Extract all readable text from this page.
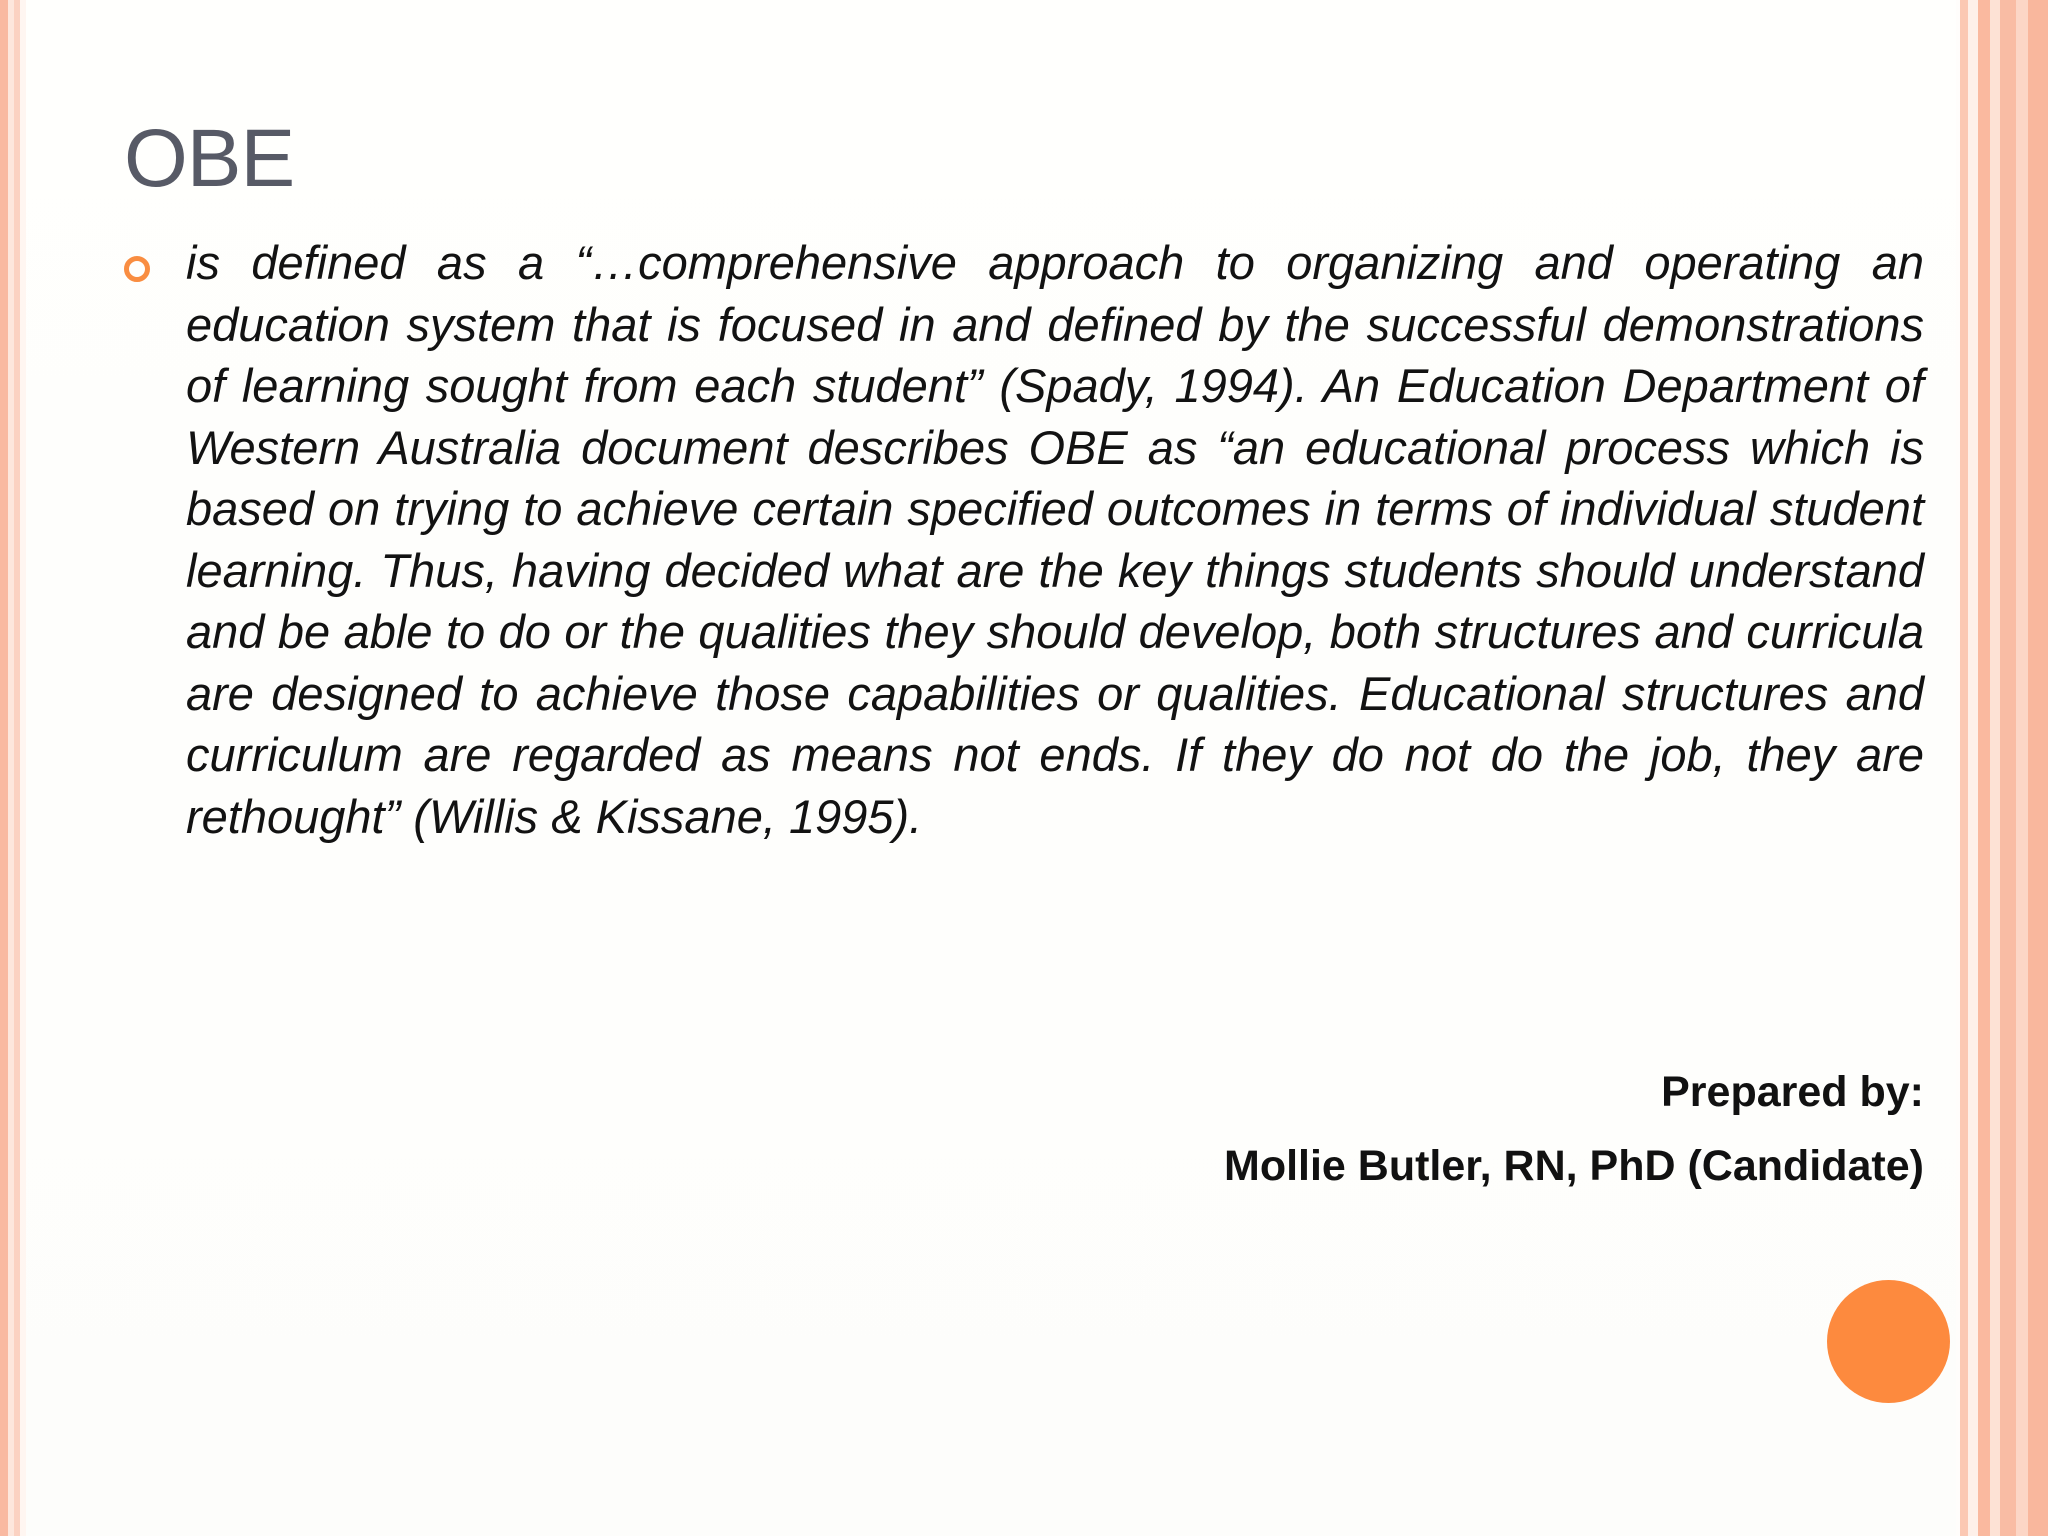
OBE

is defined as a “…comprehensive approach to organizing and operating an education system that is focused in and defined by the successful demonstrations of learning sought from each student” (Spady, 1994). An Education Department of Western Australia document describes OBE as “an educational process which is based on trying to achieve certain specified outcomes in terms of individual student learning. Thus, having decided what are the key things students should understand and be able to do or the qualities they should develop, both structures and curricula are designed to achieve those capabilities or qualities. Educational structures and curriculum are regarded as means not ends. If they do not do the job, they are rethought” (Willis & Kissane, 1995).

Prepared by:

Mollie Butler, RN, PhD (Candidate)
